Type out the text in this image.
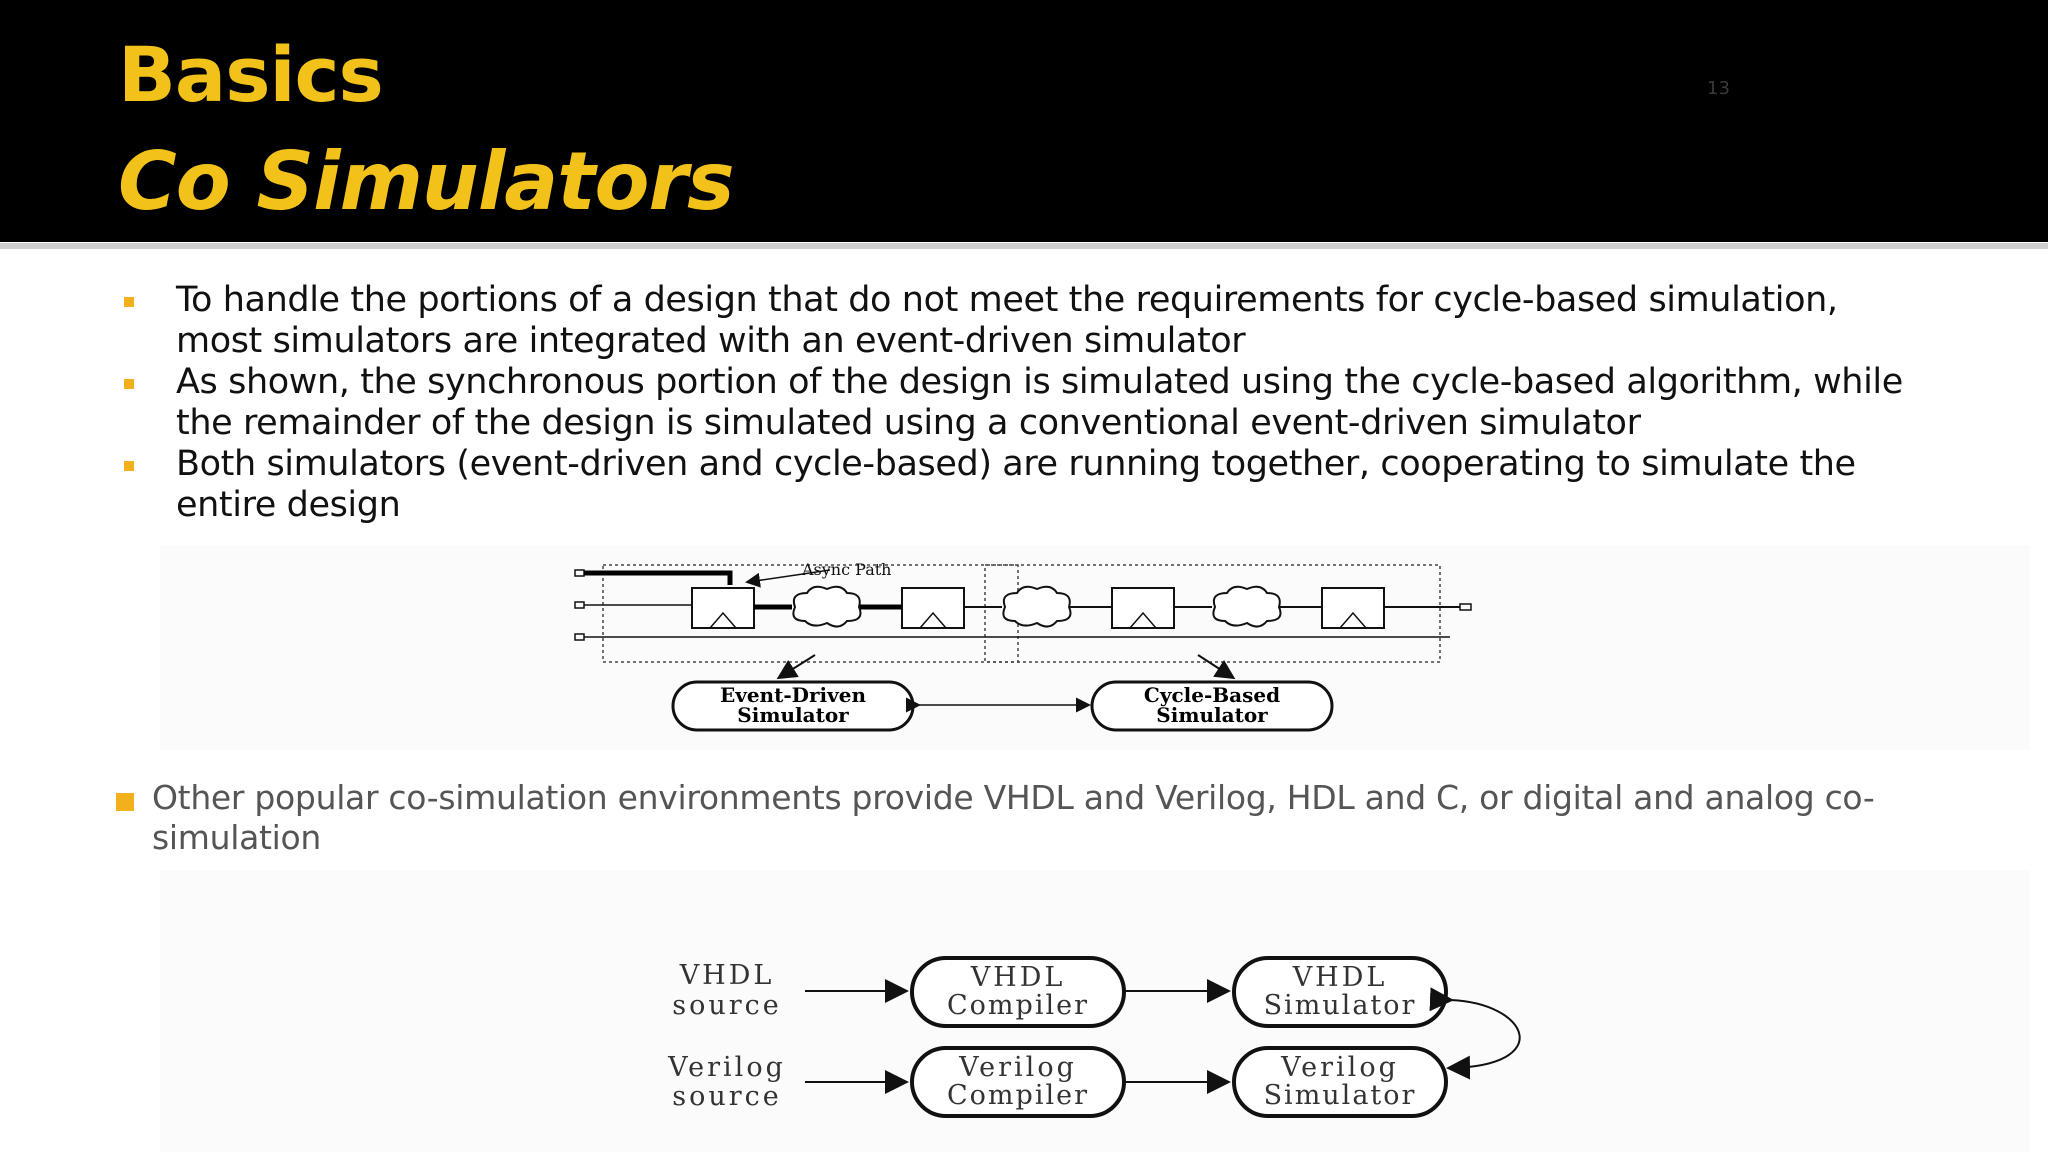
Basics
Co Simulators
13
To handle the portions of a design that do not meet the requirements for cycle-based simulation,
most simulators are integrated with an event-driven simulator
As shown, the synchronous portion of the design is simulated using the cycle-based algorithm, while
the remainder of the design is simulated using a conventional event-driven simulator
Both simulators (event-driven and cycle-based) are running together, cooperating to simulate the
entire design
Async Path
Event-Driven
Simulator
Cycle-Based
Simulator
Other popular co-simulation environments provide VHDL and Verilog, HDL and C, or digital and analog co-
simulation
VHDL
source
Verilog
source
VHDL
Compiler
Verilog
Compiler
VHDL
Simulator
Verilog
Simulator
